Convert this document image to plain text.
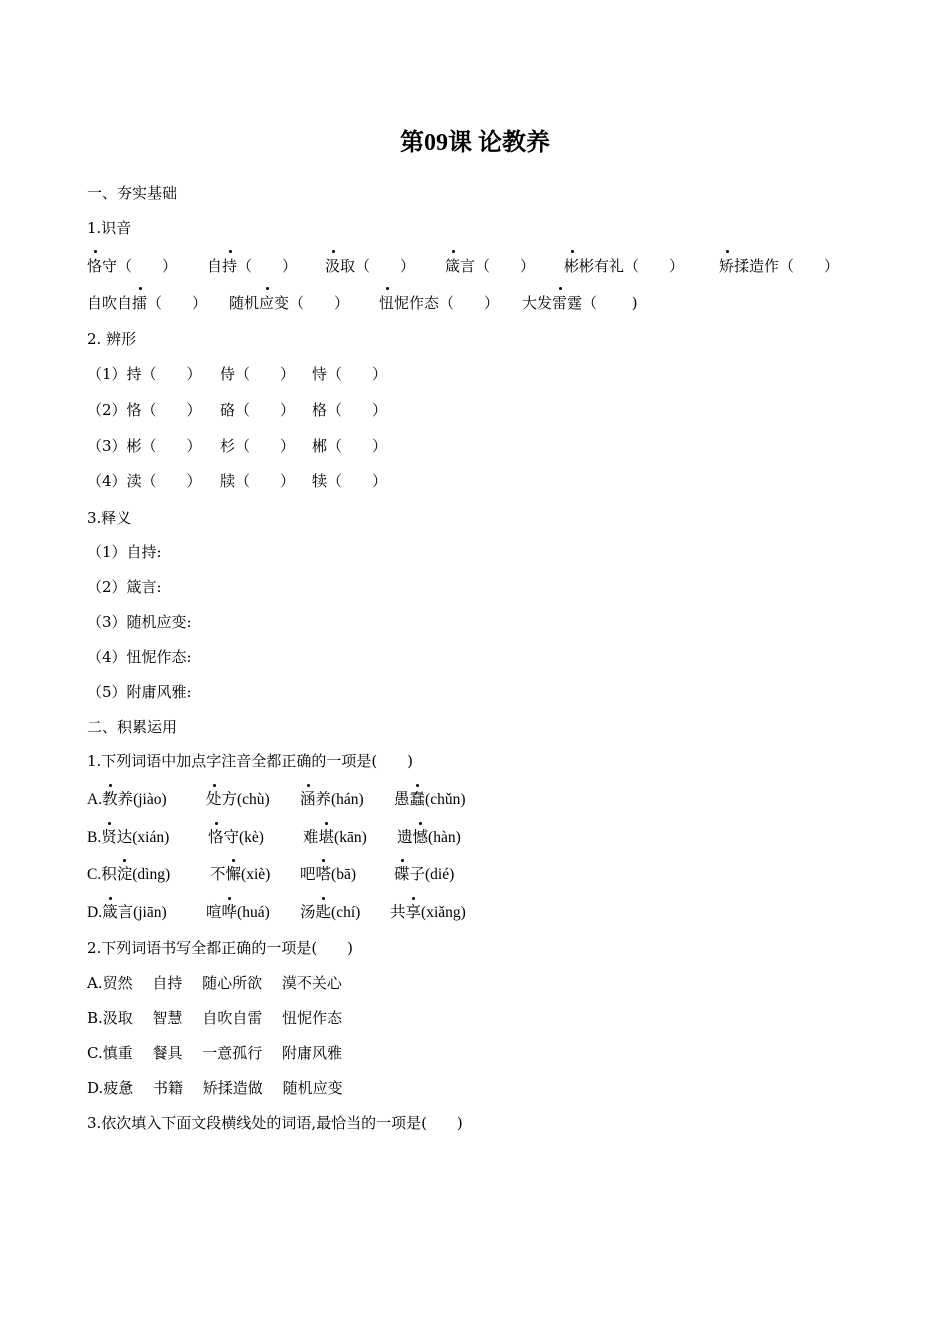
第09课 论教养
一、夯实基础
1.识音
恪守（　　） 自持（　　） 汲取（　　） 箴言（　　） 彬彬有礼（　　） 矫揉造作（　　）
自吹自擂（　　） 随机应变（　　） 忸怩作态（　　） 大发雷霆（　　 )
2. 辨形
（1）持（　　） 侍（　　） 恃（　　）
（2）恪（　　） 硌（　　） 格（　　）
（3）彬（　　） 杉（　　） 郴（　　）
（4）渎（　　） 牍（　　） 犊（　　）
3.释义
（1）自持:
（2）箴言:
（3）随机应变:
（4）忸怩作态:
（5）附庸风雅:
二、积累运用
1.下列词语中加点字注音全都正确的一项是(　　)
A.教养(jiào)	处方(chù) 涵养(hán) 愚蠢(chǔn)
B.贤达(xián)	恪守(kè)	难堪(kān) 遗憾(hàn)
C.积淀(dìng)	不懈(xiè) 吧嗒(bā) 碟子(dié)
D.箴言(jiān)	喧哗(huá) 汤匙(chí) 共享(xiǎng)
2.下列词语书写全都正确的一项是(　　)
A.贸然　 自持　 随心所欲　 漠不关心
B.汲取　 智慧　 自吹自雷　 忸怩作态
C.慎重　 餐具　 一意孤行　 附庸风雅
D.疲惫　 书籍　 矫揉造做　 随机应变
3.依次填入下面文段横线处的词语,最恰当的一项是(　　)
